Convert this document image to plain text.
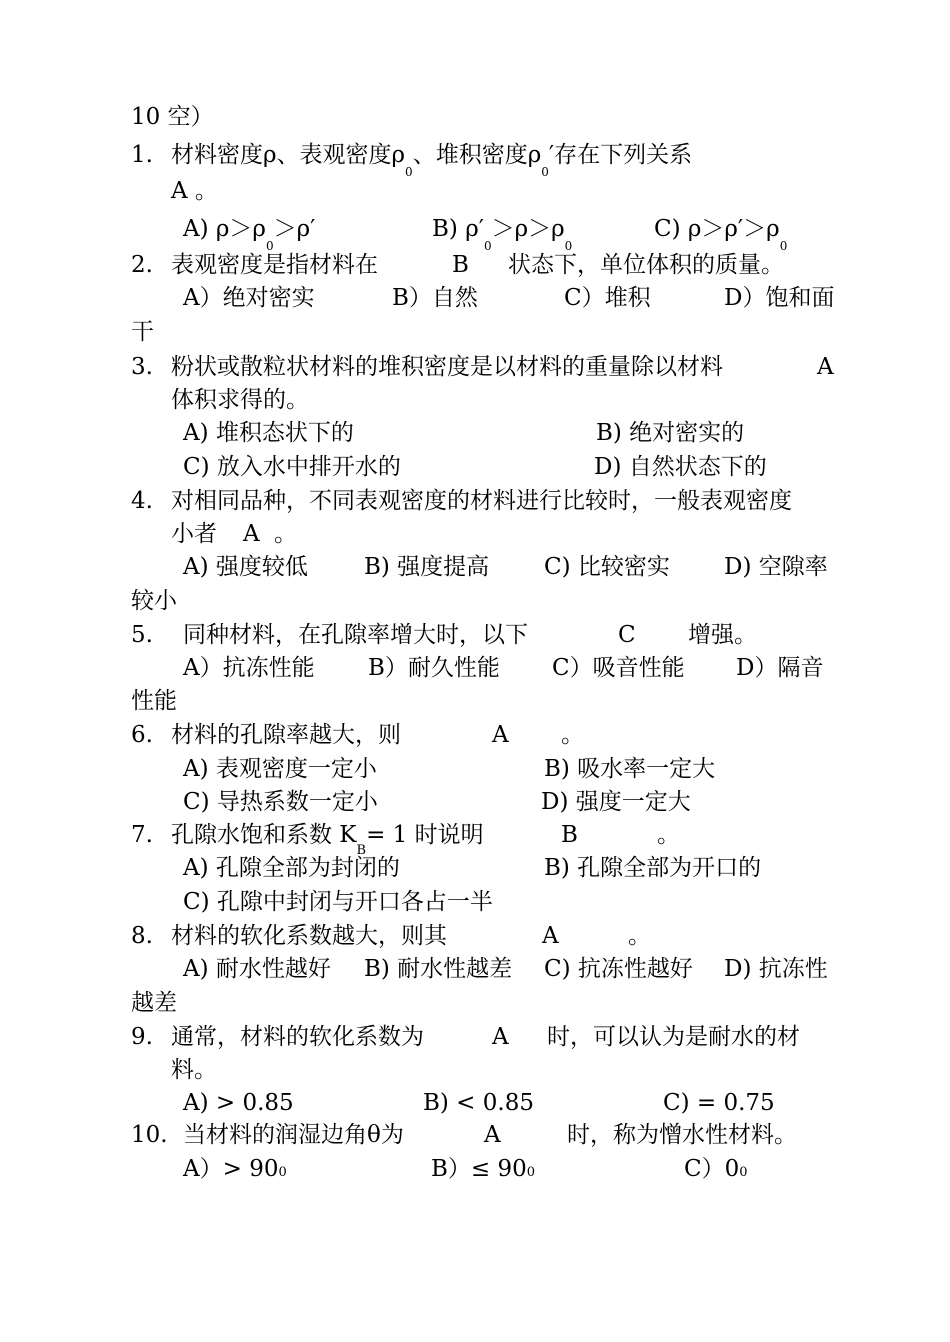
10 空）
1. 材料密度ρ、表观密度$\rho_0$、堆积密度$\rho_0'$存在下列关系
A 。
A) $\rho>\rho_0>\rho'$	B) $\rho'_0>\rho>\rho_0$
C) $\rho>\rho'>\rho_0$
2. 表观密度是指材料在	B 状态下，单位体积的质量。
A）绝对密实	B）自然	C）堆积	D）饱和面
干
3. 粉状或散粒状材料的堆积密度是以材料的重量除以材料	A
体积求得的。
A) 堆积态状下的	B) 绝对密实的
C) 放入水中排开水的	D) 自然状态下的
4. 对相同品种，不同表观密度的材料进行比较时，一般表观密度
小者 A 。
A) 强度较低 B) 强度提高 C) 比较密实 D) 空隙率
较小
5. 同种材料，在孔隙率增大时，以下	C 增强。
A）抗冻性能 B）耐久性能 C）吸音性能 D）隔音
性能
6. 材料的孔隙率越大，则	A 。
A) 表观密度一定小	B) 吸水率一定大
C) 导热系数一定小	D) 强度一定大
7. 孔隙水饱和系数 $K_B= 1$ 时说明	B	。
A) 孔隙全部为封闭的	B) 孔隙全部为开口的
C) 孔隙中封闭与开口各占一半
8. 材料的软化系数越大，则其	A	。
A) 耐水性越好 B) 耐水性越差 C) 抗冻性越好 D) 抗冻性
越差
9. 通常，材料的软化系数为	A 时，可以认为是耐水的材
料。
A) > 0.85	B) < 0.85	C) = 0.75
10. 当材料的润湿边角θ为	A	时，称为憎水性材料。
A）> 900	B）≤ 900	C）00
